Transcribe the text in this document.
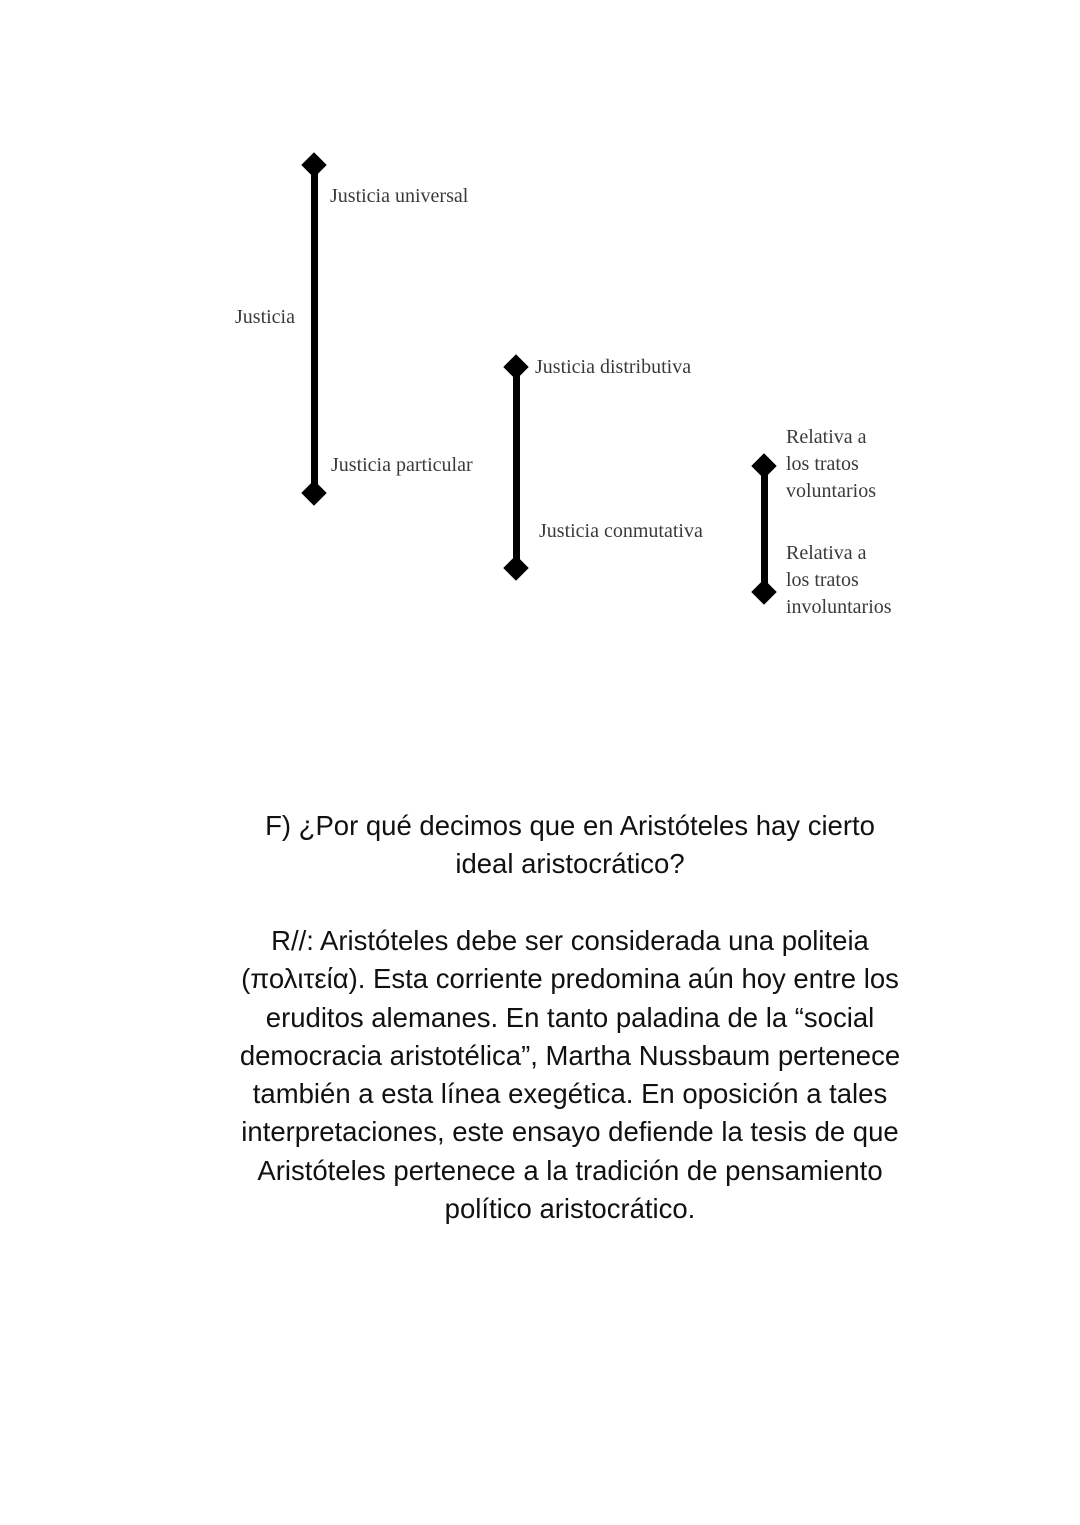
Justicia
Justicia universal
Justicia particular
Justicia distributiva
Justicia conmutativa
Relativa a
los tratos
voluntarios
Relativa a
los tratos
involuntarios
F) ¿Por qué decimos que en Aristóteles hay cierto
ideal aristocrático?
R//: Aristóteles debe ser considerada una politeia
(πολιτεία). Esta corriente predomina aún hoy entre los
eruditos alemanes. En tanto paladina de la “social
democracia aristotélica”, Martha Nussbaum pertenece
también a esta línea exegética. En oposición a tales
interpretaciones, este ensayo defiende la tesis de que
Aristóteles pertenece a la tradición de pensamiento
político aristocrático.
